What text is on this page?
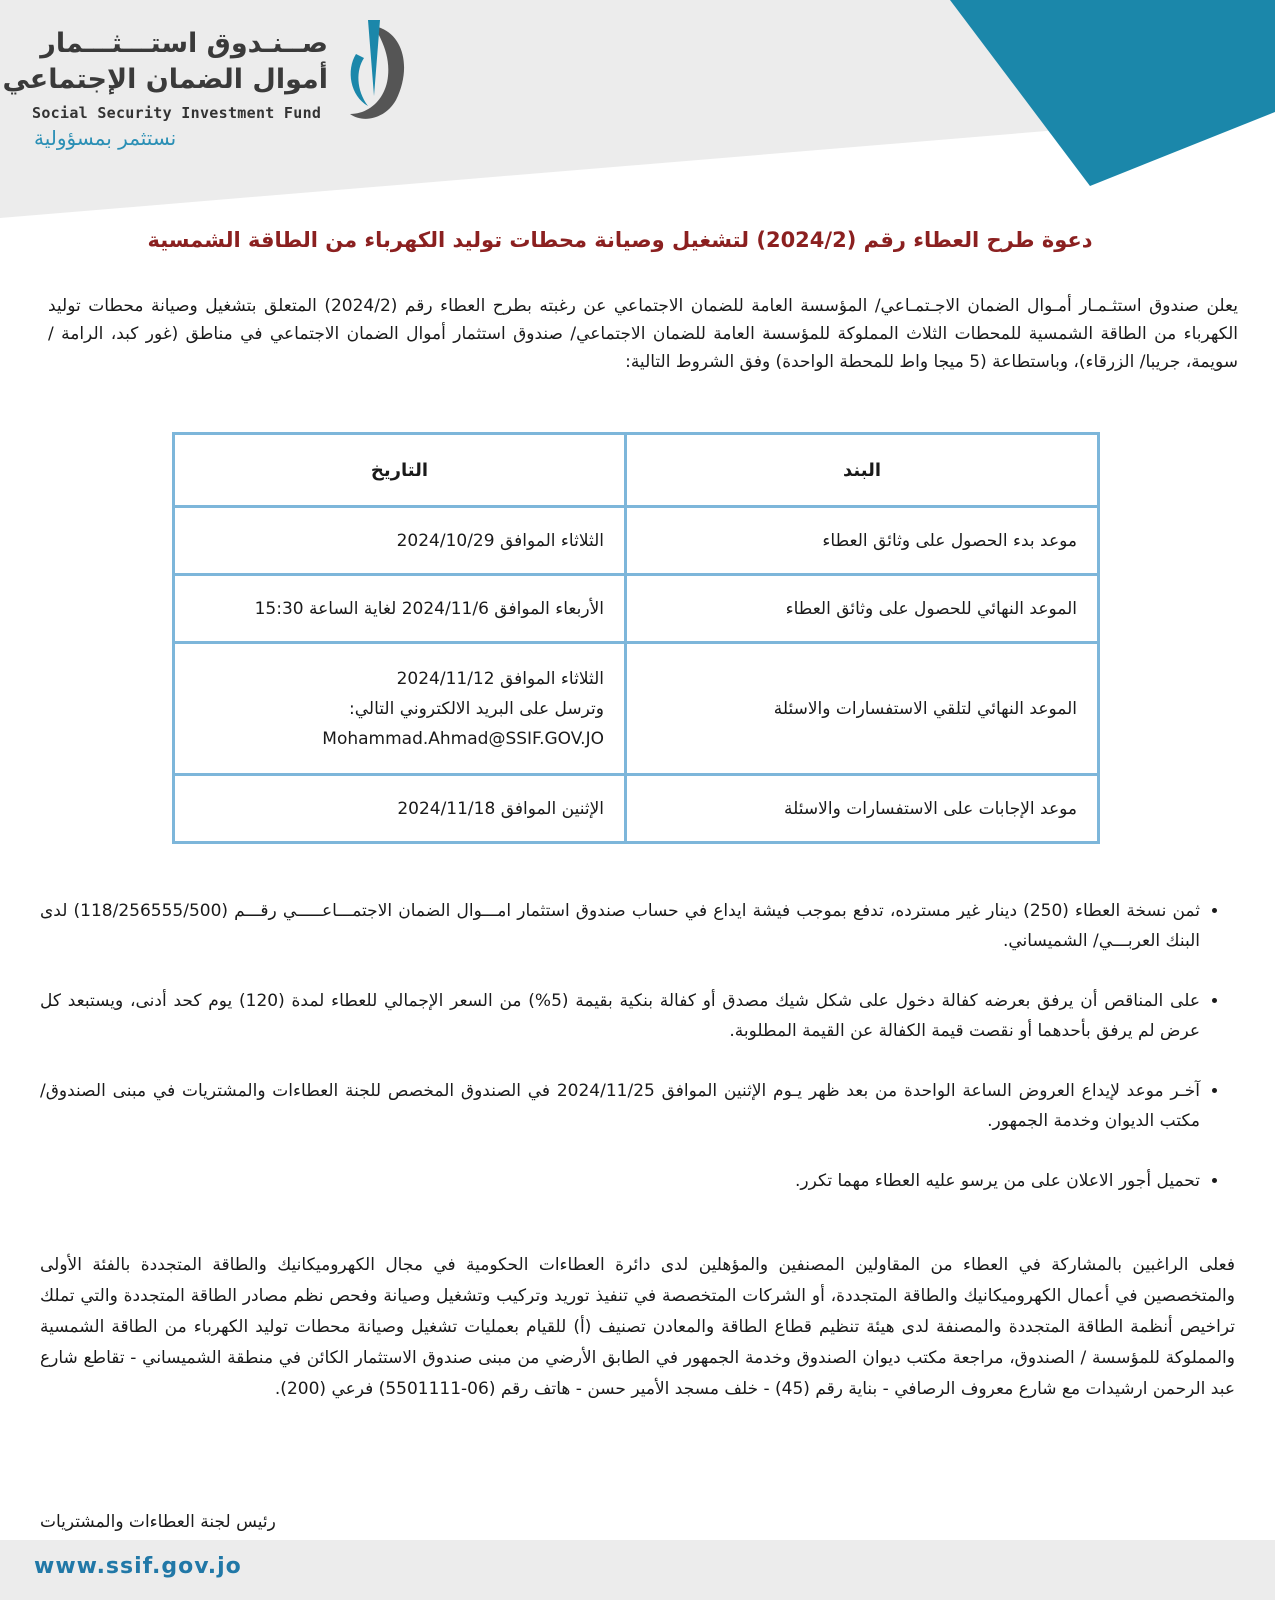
صــنـدوق استـــثـــمار
أموال الضمان الإجتماعي
Social Security Investment Fund
نستثمر بمسؤولية
دعوة طرح العطاء رقم (2024/2) لتشغيل وصيانة محطات توليد الكهرباء من الطاقة الشمسية

يعلن صندوق استثـمـار أمـوال الضمان الاجـتمـاعي/ المؤسسة العامة للضمان الاجتماعي عن رغبته بطرح العطاء رقم (2024/2) المتعلق بتشغيل وصيانة محطات توليد الكهرباء من الطاقة الشمسية للمحطات الثلاث المملوكة للمؤسسة العامة للضمان الاجتماعي/ صندوق استثمار أموال الضمان الاجتماعي في مناطق (غور كبد، الرامة / سويمة، جريبا/ الزرقاء)، وباستطاعة (5 ميجا واط للمحطة الواحدة) وفق الشروط التالية:

البند	التاريخ
موعد بدء الحصول على وثائق العطاء	الثلاثاء الموافق 2024/10/29
الموعد النهائي للحصول على وثائق العطاء	الأربعاء الموافق 2024/11/6 لغاية الساعة 15:30
الموعد النهائي لتلقي الاستفسارات والاسئلة	الثلاثاء الموافق 2024/11/12
وترسل على البريد الالكتروني التالي:
Mohammad.Ahmad@SSIF.GOV.JO

موعد الإجابات على الاستفسارات والاسئلة	الإثنين الموافق 2024/11/18
• ثمن نسخة العطاء (250) دينار غير مسترده، تدفع بموجب فيشة ايداع في حساب صندوق استثمار امـــوال الضمان الاجتمـــاعـــــي رقـــم (118/256555/500) لدى البنك العربـــي/ الشميساني.
• على المناقص أن يرفق بعرضه كفالة دخول على شكل شيك مصدق أو كفالة بنكية بقيمة (5%) من السعر الإجمالي للعطاء لمدة (120) يوم كحد أدنى، ويستبعد كل عرض لم يرفق بأحدهما أو نقصت قيمة الكفالة عن القيمة المطلوبة.
• آخـر موعد لإيداع العروض الساعة الواحدة من بعد ظهر يـوم الإثنين الموافق 2024/11/25 في الصندوق المخصص للجنة العطاءات والمشتريات في مبنى الصندوق/ مكتب الديوان وخدمة الجمهور.
• تحميل أجور الاعلان على من يرسو عليه العطاء مهما تكرر.

فعلى الراغبين بالمشاركة في العطاء من المقاولين المصنفين والمؤهلين لدى دائرة العطاءات الحكومية في مجال الكهروميكانيك والطاقة المتجددة بالفئة الأولى والمتخصصين في أعمال الكهروميكانيك والطاقة المتجددة، أو الشركات المتخصصة في تنفيذ توريد وتركيب وتشغيل وصيانة وفحص نظم مصادر الطاقة المتجددة والتي تملك تراخيص أنظمة الطاقة المتجددة والمصنفة لدى هيئة تنظيم قطاع الطاقة والمعادن تصنيف (أ) للقيام بعمليات تشغيل وصيانة محطات توليد الكهرباء من الطاقة الشمسية والمملوكة للمؤسسة / الصندوق، مراجعة مكتب ديوان الصندوق وخدمة الجمهور في الطابق الأرضي من مبنى صندوق الاستثمار الكائن في منطقة الشميساني - تقاطع شارع عبد الرحمن ارشيدات مع شارع معروف الرصافي - بناية رقم (45) - خلف مسجد الأمير حسن - هاتف رقم (06-5501111) فرعي (200).

رئيس لجنة العطاءات والمشتريات
www.ssif.gov.jo
